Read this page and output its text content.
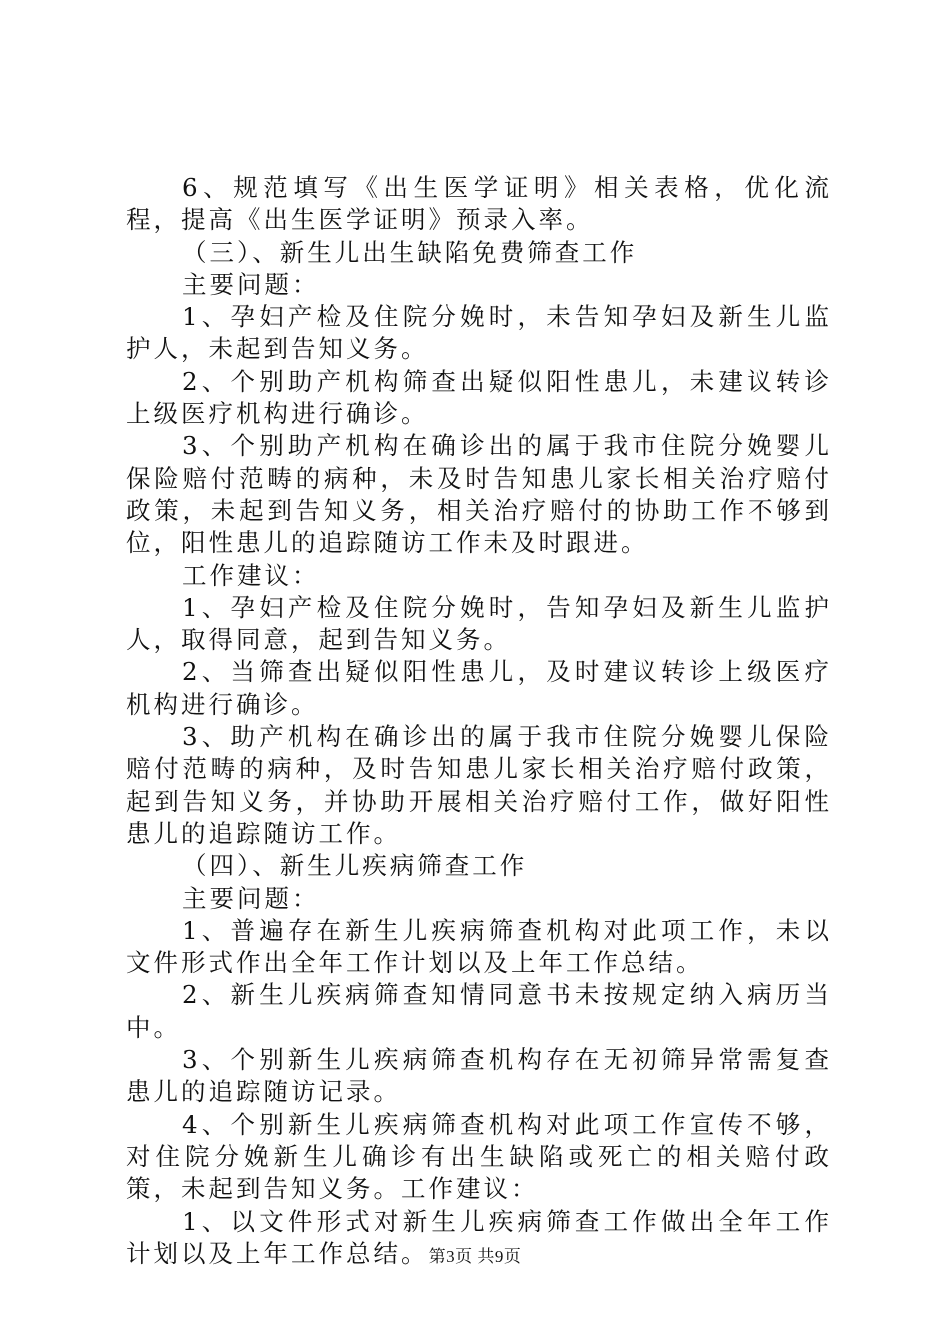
6、规范填写《出生医学证明》相关表格，优化流程，提高《出生医学证明》预录入率。

（三）、新生儿出生缺陷免费筛查工作

主要问题：

1、孕妇产检及住院分娩时，未告知孕妇及新生儿监护人，未起到告知义务。

2、个别助产机构筛查出疑似阳性患儿，未建议转诊上级医疗机构进行确诊。

3、个别助产机构在确诊出的属于我市住院分娩婴儿保险赔付范畴的病种，未及时告知患儿家长相关治疗赔付政策，未起到告知义务，相关治疗赔付的协助工作不够到位，阳性患儿的追踪随访工作未及时跟进。

工作建议：

1、孕妇产检及住院分娩时，告知孕妇及新生儿监护人，取得同意，起到告知义务。

2、当筛查出疑似阳性患儿，及时建议转诊上级医疗机构进行确诊。

3、助产机构在确诊出的属于我市住院分娩婴儿保险赔付范畴的病种，及时告知患儿家长相关治疗赔付政策，起到告知义务，并协助开展相关治疗赔付工作，做好阳性患儿的追踪随访工作。

（四）、新生儿疾病筛查工作

主要问题：

1、普遍存在新生儿疾病筛查机构对此项工作，未以文件形式作出全年工作计划以及上年工作总结。

2、新生儿疾病筛查知情同意书未按规定纳入病历当中。

3、个别新生儿疾病筛查机构存在无初筛异常需复查患儿的追踪随访记录。

4、个别新生儿疾病筛查机构对此项工作宣传不够，对住院分娩新生儿确诊有出生缺陷或死亡的相关赔付政策，未起到告知义务。工作建议：

1、以文件形式对新生儿疾病筛查工作做出全年工作计划以及上年工作总结。 第3页 共9页
